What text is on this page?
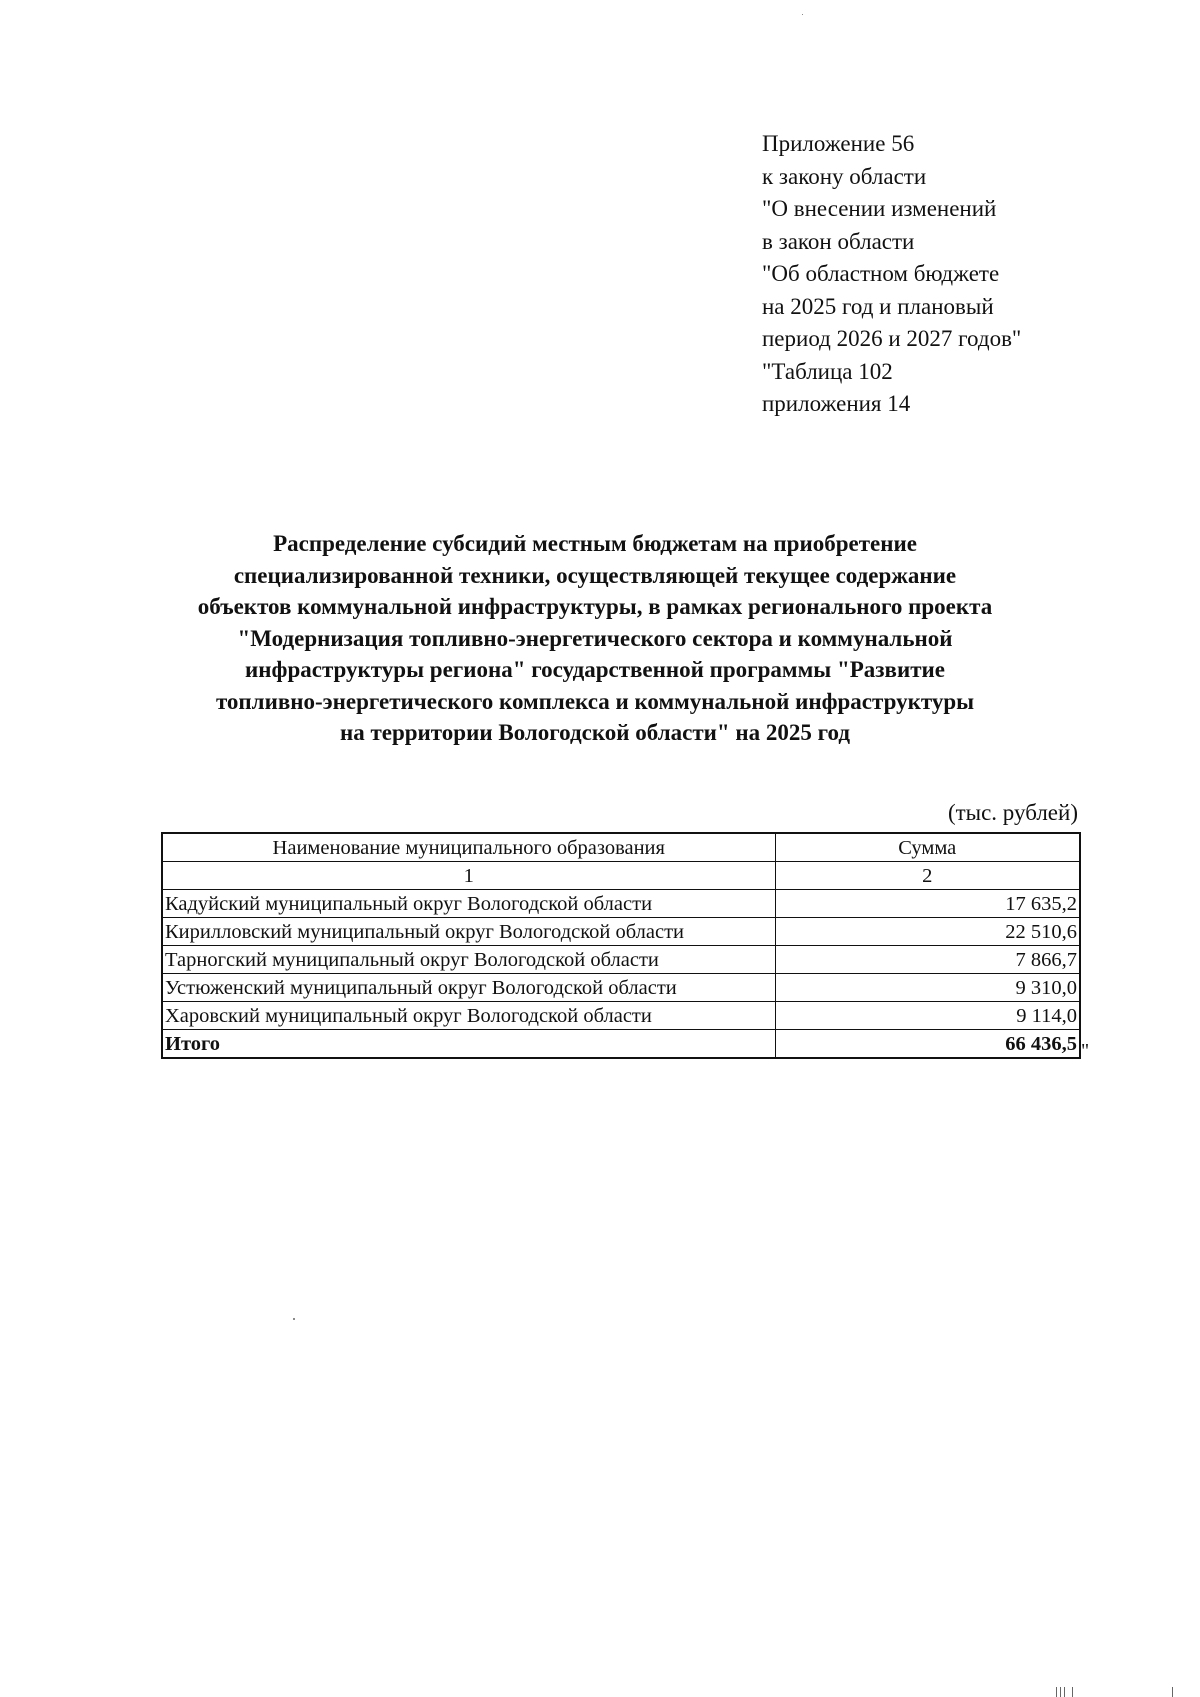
Приложение 56
к закону области
"О внесении изменений
в закон области
"Об областном бюджете
на 2025 год и плановый
период 2026 и 2027 годов"
"Таблица 102
приложения 14
Распределение субсидий местным бюджетам на приобретение
специализированной техники, осуществляющей текущее содержание
объектов коммунальной инфраструктуры, в рамках регионального проекта
"Модернизация топливно-энергетического сектора и коммунальной
инфраструктуры региона" государственной программы "Развитие
топливно-энергетического комплекса и коммунальной инфраструктуры
на территории Вологодской области" на 2025 год
(тыс. рублей)
Наименование муниципального образования	Сумма
1	2
Кадуйский муниципальный округ Вологодской области	17 635,2
Кирилловский муниципальный округ Вологодской области	22 510,6
Тарногский муниципальный округ Вологодской области	7 866,7
Устюженский муниципальный округ Вологодской области	9 310,0
Харовский муниципальный округ Вологодской области	9 114,0
Итого	66 436,5 "
